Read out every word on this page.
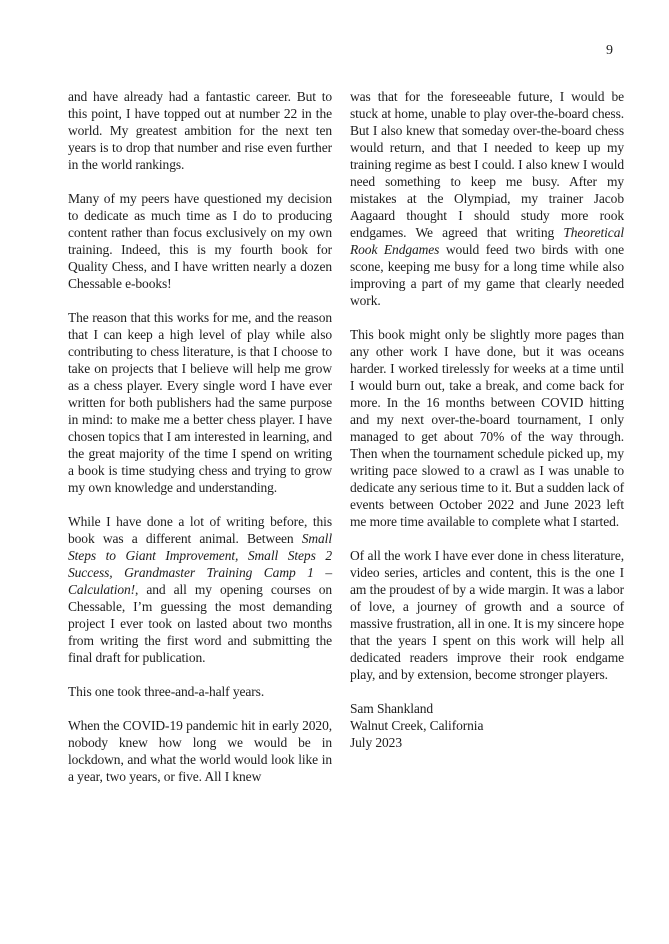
9

and have already had a fantastic career. But to this point, I have topped out at number 22 in the world. My greatest ambition for the next ten years is to drop that number and rise even further in the world rankings.

Many of my peers have questioned my decision to dedicate as much time as I do to producing content rather than focus exclusively on my own training. Indeed, this is my fourth book for Quality Chess, and I have written nearly a dozen Chessable e-books!

The reason that this works for me, and the reason that I can keep a high level of play while also contributing to chess literature, is that I choose to take on projects that I believe will help me grow as a chess player. Every single word I have ever written for both publishers had the same purpose in mind: to make me a better chess player. I have chosen topics that I am interested in learning, and the great majority of the time I spend on writing a book is time studying chess and trying to grow my own knowledge and understanding.

While I have done a lot of writing before, this book was a different animal. Between Small Steps to Giant Improvement, Small Steps 2 Success, Grandmaster Training Camp 1 – Calculation!, and all my opening courses on Chessable, I’m guessing the most demanding project I ever took on lasted about two months from writing the first word and submitting the final draft for publication.

This one took three-and-a-half years.

When the COVID-19 pandemic hit in early 2020, nobody knew how long we would be in lockdown, and what the world would look like in a year, two years, or five. All I knew

was that for the foreseeable future, I would be stuck at home, unable to play over-the-board chess. But I also knew that someday over-the-board chess would return, and that I needed to keep up my training regime as best I could. I also knew I would need something to keep me busy. After my mistakes at the Olympiad, my trainer Jacob Aagaard thought I should study more rook endgames. We agreed that writing Theoretical Rook Endgames would feed two birds with one scone, keeping me busy for a long time while also improving a part of my game that clearly needed work.

This book might only be slightly more pages than any other work I have done, but it was oceans harder. I worked tirelessly for weeks at a time until I would burn out, take a break, and come back for more. In the 16 months between COVID hitting and my next over-the-board tournament, I only managed to get about 70% of the way through. Then when the tournament schedule picked up, my writing pace slowed to a crawl as I was unable to dedicate any serious time to it. But a sudden lack of events between October 2022 and June 2023 left me more time available to complete what I started.

Of all the work I have ever done in chess literature, video series, articles and content, this is the one I am the proudest of by a wide margin. It was a labor of love, a journey of growth and a source of massive frustration, all in one. It is my sincere hope that the years I spent on this work will help all dedicated readers improve their rook endgame play, and by extension, become stronger players.

Sam Shankland
Walnut Creek, California
July 2023
